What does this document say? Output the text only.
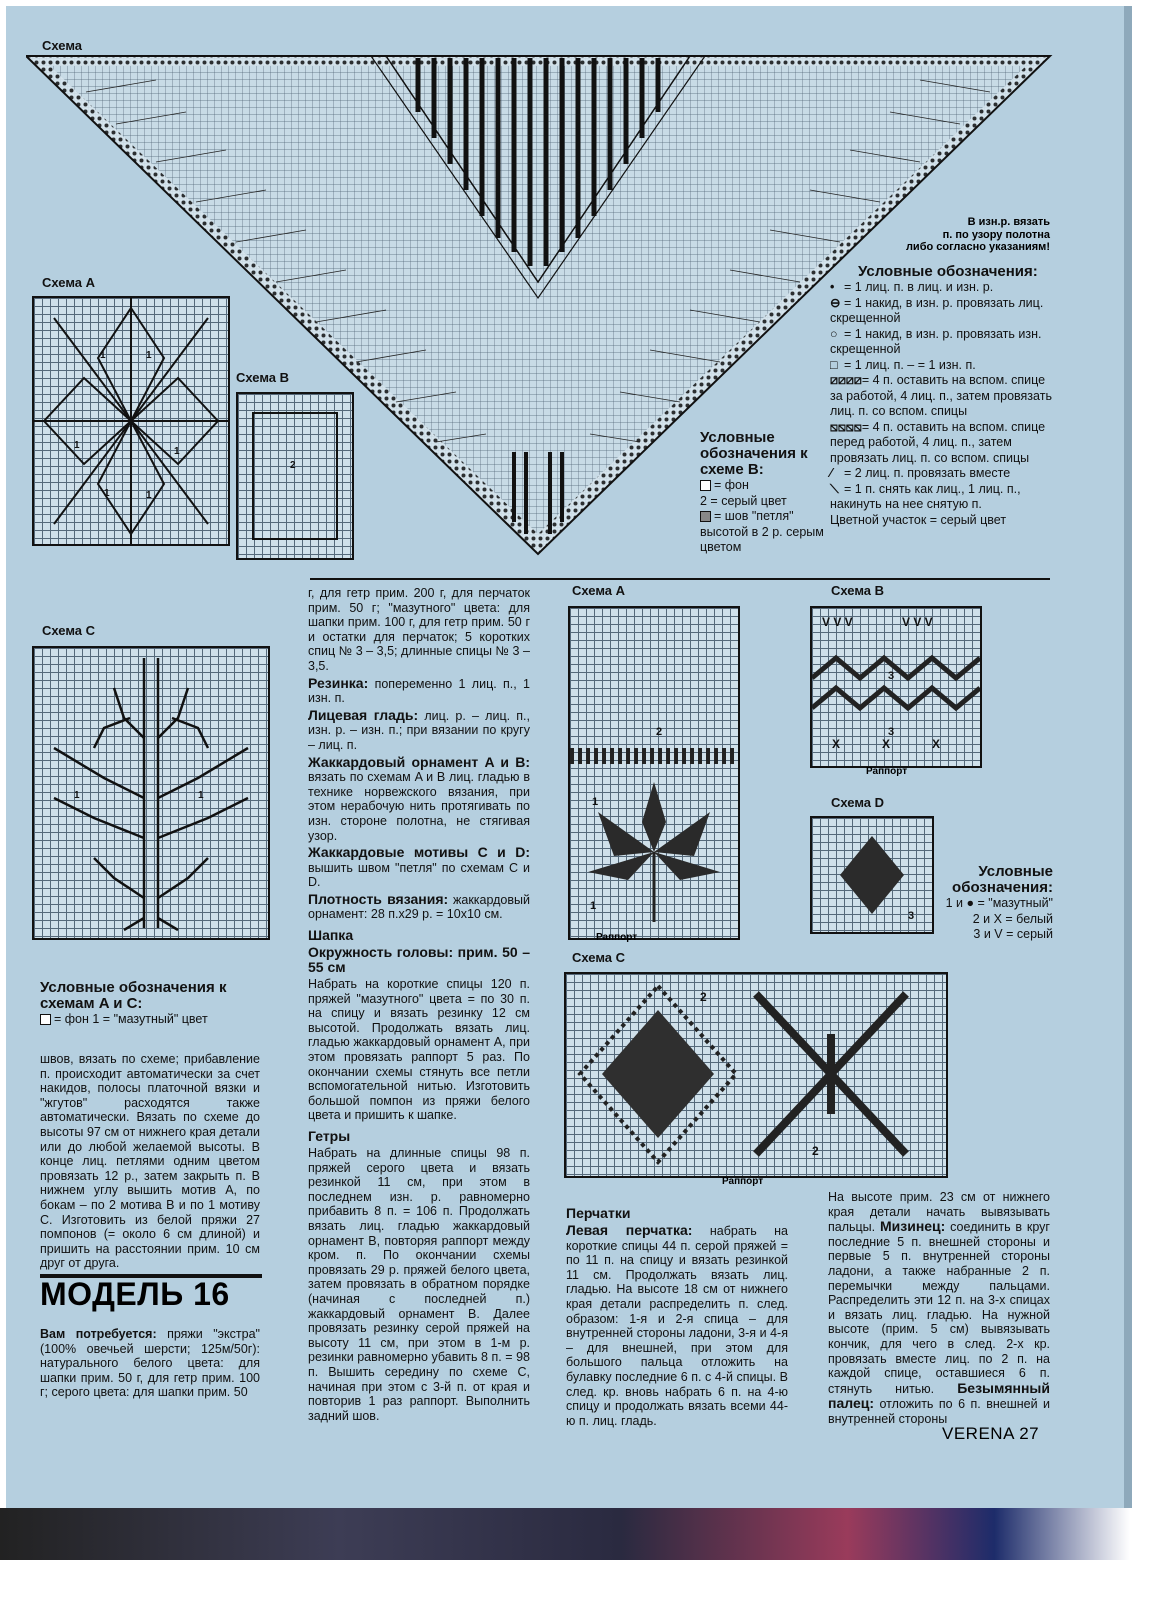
Схема
В изн.р. вязать
п. по узору полотна
либо согласно указаниям!
Условные обозначения:
• = 1 лиц. п. в лиц. и изн. р.
⊖ = 1 накид, в изн. р. провязать лиц. скрещенной
○ = 1 накид, в изн. р. провязать изн. скрещенной
□ = 1 лиц. п. – = 1 изн. п.
⧄⧄⧄⧄= 4 п. оставить на вспом. спице за работой, 4 лиц. п., затем провязать лиц. п. со вспом. спицы
⧅⧅⧅⧅= 4 п. оставить на вспом. спице перед работой, 4 лиц. п., затем провязать лиц. п. со вспом. спицы
⁄ = 2 лиц. п. провязать вместе
⟍ = 1 п. снять как лиц., 1 лиц. п., накинуть на нее снятую п.
Цветной участок = серый цвет
Схема A
1	1
1
1
1	1
Схема B
2
Условные обозначения к схеме B:
= фон
2 = серый цвет
= шов "петля" высотой в 2 р. серым цветом
Схема C
1	1
Условные обозначения к схемам A и C:
= фон 1 = "мазутный" цвет
швов, вязать по схеме; прибавление п. происходит автоматически за счет накидов, полосы платочной вязки и "жгутов" расходятся также автоматически. Вязать по схеме до высоты 97 см от нижнего края детали или до любой желаемой высоты. В конце лиц. петлями одним цветом провязать 12 р., затем закрыть п. В нижнем углу вышить мотив A, по бокам – по 2 мотива B и по 1 мотиву C. Изготовить из белой пряжи 27 помпонов (= около 6 см длиной) и пришить на расстоянии прим. 10 см друг от друга.
МОДЕЛЬ 16
Вам потребуется: пряжи "экстра" (100% овечьей шерсти; 125м/50г): натурального белого цвета: для шапки прим. 50 г, для гетр прим. 100 г; серого цвета: для шапки прим. 50

г, для гетр прим. 200 г, для перчаток прим. 50 г; "мазутного" цвета: для шапки прим. 100 г, для гетр прим. 50 г и остатки для перчаток; 5 коротких спиц № 3 – 3,5; длинные спицы № 3 – 3,5.

Резинка: попеременно 1 лиц. п., 1 изн. п.

Лицевая гладь: лиц. р. – лиц. п., изн. р. – изн. п.; при вязании по кругу – лиц. п.

Жаккардовый орнамент A и B: вязать по схемам A и B лиц. гладью в технике норвежского вязания, при этом нерабочую нить протягивать по изн. стороне полотна, не стягивая узор.

Жаккардовые мотивы C и D: вышить швом "петля" по схемам C и D.

Плотность вязания: жаккардовый орнамент: 28 п.x29 р. = 10x10 см.

Шапка

Окружность головы: прим. 50 – 55 см

Набрать на короткие спицы 120 п. пряжей "мазутного" цвета = по 30 п. на спицу и вязать резинку 12 см высотой. Продолжать вязать лиц. гладью жаккардовый орнамент A, при этом провязать раппорт 5 раз. По окончании схемы стянуть все петли вспомогательной нитью. Изготовить большой помпон из пряжи белого цвета и пришить к шапке.

Гетры

Набрать на длинные спицы 98 п. пряжей серого цвета и вязать резинкой 11 см, при этом в последнем изн. р. равномерно прибавить 8 п. = 106 п. Продолжать вязать лиц. гладью жаккардовый орнамент B, повторяя раппорт между кром. п. По окончании схемы провязать 29 р. пряжей белого цвета, затем провязать в обратном порядке (начиная с последней п.) жаккардовый орнамент B. Далее провязать резинку серой пряжей на высоту 11 см, при этом в 1-м р. резинки равномерно убавить 8 п. = 98 п. Вышить середину по схеме C, начиная при этом с 3-й п. от края и повторив 1 раз раппорт. Выполнить задний шов.

Схема A
2
1
1
Раппорт
Схема B
V V V	V V V
X	X	X
3
3
Раппорт
Схема D
3
Условные обозначения:
1 и ● = "мазутный"
2 и X = белый
3 и V = серый
Схема C
2
2
Раппорт

Перчатки

Левая перчатка: набрать на короткие спицы 44 п. серой пряжей = по 11 п. на спицу и вязать резинкой 11 см. Продолжать вязать лиц. гладью. На высоте 18 см от нижнего края детали распределить п. след. образом: 1-я и 2-я спица – для внутренней стороны ладони, 3-я и 4-я – для внешней, при этом для большого пальца отложить на булавку последние 6 п. с 4-й спицы. В след. кр. вновь набрать 6 п. на 4-ю спицу и продолжать вязать всеми 44-ю п. лиц. гладь.

На высоте прим. 23 см от нижнего края детали начать вывязывать пальцы. Мизинец: соединить в круг последние 5 п. внешней стороны и первые 5 п. внутренней стороны ладони, а также набранные 2 п. перемычки между пальцами. Распределить эти 12 п. на 3-х спицах и вязать лиц. гладью. На нужной высоте (прим. 5 см) вывязывать кончик, для чего в след. 2-х кр. провязать вместе лиц. по 2 п. на каждой спице, оставшиеся 6 п. стянуть нитью. Безымянный палец: отложить по 6 п. внешней и внутренней стороны

VERENA 27
